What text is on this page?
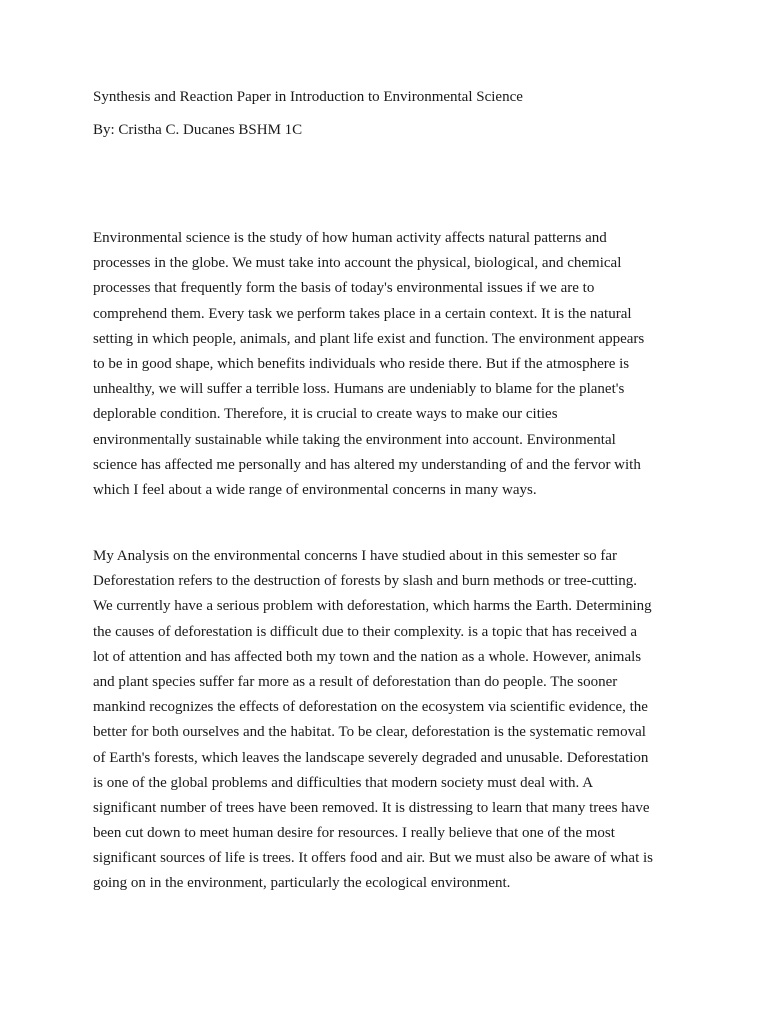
Synthesis and Reaction Paper in Introduction to Environmental Science

By: Cristha C. Ducanes BSHM 1C

Environmental science is the study of how human activity affects natural patterns and
processes in the globe. We must take into account the physical, biological, and chemical
processes that frequently form the basis of today's environmental issues if we are to
comprehend them. Every task we perform takes place in a certain context. It is the natural
setting in which people, animals, and plant life exist and function. The environment appears
to be in good shape, which benefits individuals who reside there. But if the atmosphere is
unhealthy, we will suffer a terrible loss. Humans are undeniably to blame for the planet's
deplorable condition. Therefore, it is crucial to create ways to make our cities
environmentally sustainable while taking the environment into account. Environmental
science has affected me personally and has altered my understanding of and the fervor with
which I feel about a wide range of environmental concerns in many ways.
My Analysis on the environmental concerns I have studied about in this semester so far
Deforestation refers to the destruction of forests by slash and burn methods or tree-cutting.
We currently have a serious problem with deforestation, which harms the Earth. Determining
the causes of deforestation is difficult due to their complexity. is a topic that has received a
lot of attention and has affected both my town and the nation as a whole. However, animals
and plant species suffer far more as a result of deforestation than do people. The sooner
mankind recognizes the effects of deforestation on the ecosystem via scientific evidence, the
better for both ourselves and the habitat. To be clear, deforestation is the systematic removal
of Earth's forests, which leaves the landscape severely degraded and unusable. Deforestation
is one of the global problems and difficulties that modern society must deal with. A
significant number of trees have been removed. It is distressing to learn that many trees have
been cut down to meet human desire for resources. I really believe that one of the most
significant sources of life is trees. It offers food and air. But we must also be aware of what is
going on in the environment, particularly the ecological environment.
